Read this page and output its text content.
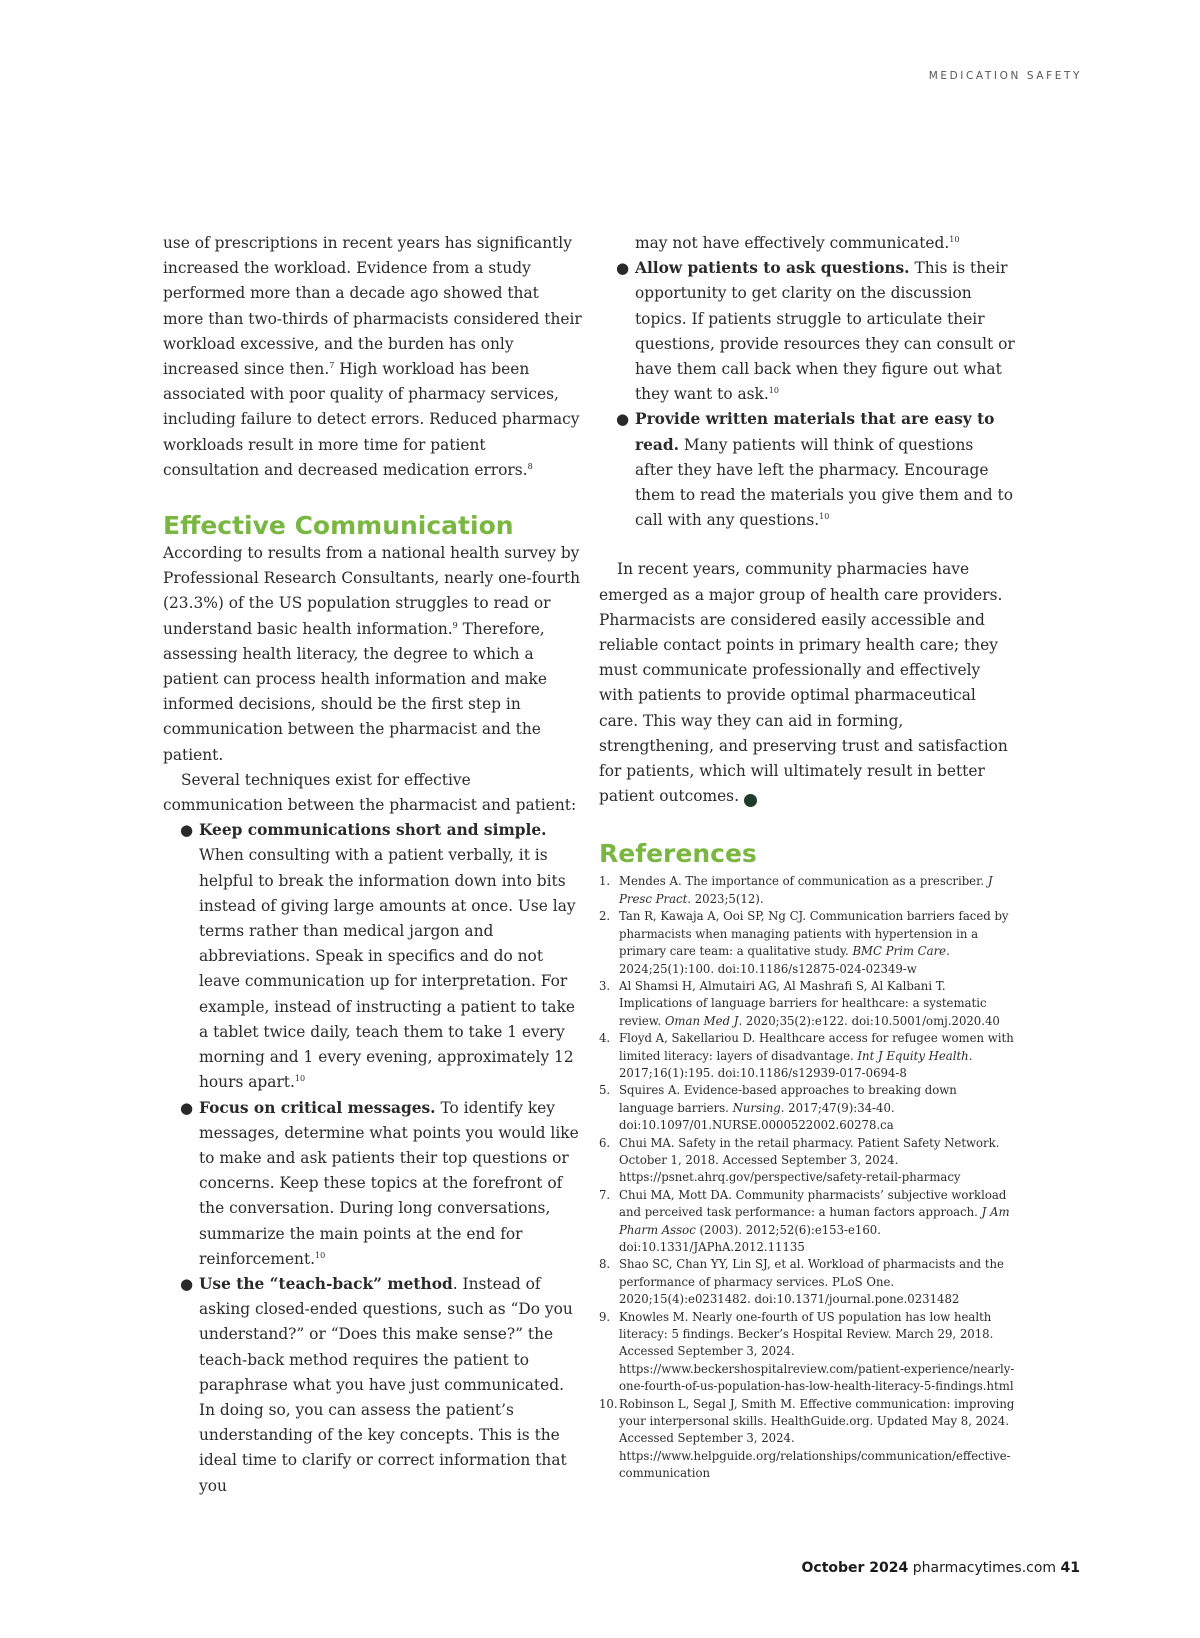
MEDICATION SAFETY

use of prescriptions in recent years has significantly increased the workload. Evidence from a study performed more than a decade ago showed that more than two-thirds of pharmacists considered their workload excessive, and the burden has only increased since then.$^7$ High workload has been associated with poor quality of pharmacy services, including failure to detect errors. Reduced pharmacy workloads result in more time for patient consultation and decreased medication errors.$^8$

Effective Communication

According to results from a national health survey by Professional Research Consultants, nearly one-fourth (23.3%) of the US population struggles to read or understand basic health information.$^9$ Therefore, assessing health literacy, the degree to which a patient can process health information and make informed decisions, should be the first step in communication between the pharmacist and the patient.

Several techniques exist for effective communication between the pharmacist and patient:

● Keep communications short and simple. When consulting with a patient verbally, it is helpful to break the information down into bits instead of giving large amounts at once. Use lay terms rather than medical jargon and abbreviations. Speak in specifics and do not leave communication up for interpretation. For example, instead of instructing a patient to take a tablet twice daily, teach them to take 1 every morning and 1 every evening, approximately 12 hours apart.$^{10}$
● Focus on critical messages. To identify key messages, determine what points you would like to make and ask patients their top questions or concerns. Keep these topics at the forefront of the conversation. During long conversations, summarize the main points at the end for reinforcement.$^{10}$
● Use the “teach-back” method. Instead of asking closed-ended questions, such as “Do you understand?” or “Does this make sense?” the teach-back method requires the patient to paraphrase what you have just communicated. In doing so, you can assess the patient’s understanding of the key concepts. This is the ideal time to clarify or correct information that you

may not have effectively communicated.$^{10}$

● Allow patients to ask questions. This is their opportunity to get clarity on the discussion topics. If patients struggle to articulate their questions, provide resources they can consult or have them call back when they figure out what they want to ask.$^{10}$
● Provide written materials that are easy to read. Many patients will think of questions after they have left the pharmacy. Encourage them to read the materials you give them and to call with any questions.$^{10}$

In recent years, community pharmacies have emerged as a major group of health care providers. Pharmacists are considered easily accessible and reliable contact points in primary health care; they must communicate professionally and effectively with patients to provide optimal pharmaceutical care. This way they can aid in forming, strengthening, and preserving trust and satisfaction for patients, which will ultimately result in better patient outcomes.	P

References
1. Mendes A. The importance of communication as a prescriber. J Presc Pract. 2023;5(12).
2. Tan R, Kawaja A, Ooi SP, Ng CJ. Communication barriers faced by pharmacists when managing patients with hypertension in a primary care team: a qualitative study. BMC Prim Care. 2024;25(1):100. doi:10.1186/s12875-024-02349-w
3. Al Shamsi H, Almutairi AG, Al Mashrafi S, Al Kalbani T. Implications of language barriers for healthcare: a systematic review. Oman Med J. 2020;35(2):e122. doi:10.5001/omj.2020.40
4. Floyd A, Sakellariou D. Healthcare access for refugee women with limited literacy: layers of disadvantage. Int J Equity Health. 2017;16(1):195. doi:10.1186/s12939-017-0694-8
5. Squires A. Evidence-based approaches to breaking down language barriers. Nursing. 2017;47(9):34-40. doi:10.1097/01.NURSE.0000522002.60278.ca
6. Chui MA. Safety in the retail pharmacy. Patient Safety Network. October 1, 2018. Accessed September 3, 2024. https://psnet.ahrq.gov/perspective/safety-retail-pharmacy
7. Chui MA, Mott DA. Community pharmacists’ subjective workload and perceived task performance: a human factors approach. J Am Pharm Assoc (2003). 2012;52(6):e153-e160. doi:10.1331/JAPhA.2012.11135
8. Shao SC, Chan YY, Lin SJ, et al. Workload of pharmacists and the performance of pharmacy services. PLoS One. 2020;15(4):e0231482. doi:10.1371/journal.pone.0231482
9. Knowles M. Nearly one-fourth of US population has low health literacy: 5 findings. Becker’s Hospital Review. March 29, 2018. Accessed September 3, 2024. https://www.beckershospitalreview.com/patient-experience/nearly-one-fourth-of-us-population-has-low-health-literacy-5-findings.html
10. Robinson L, Segal J, Smith M. Effective communication: improving your interpersonal skills. HealthGuide.org. Updated May 8, 2024. Accessed September 3, 2024. https://www.helpguide.org/relationships/communication/effective-communication
October 2024 pharmacytimes.com 41
